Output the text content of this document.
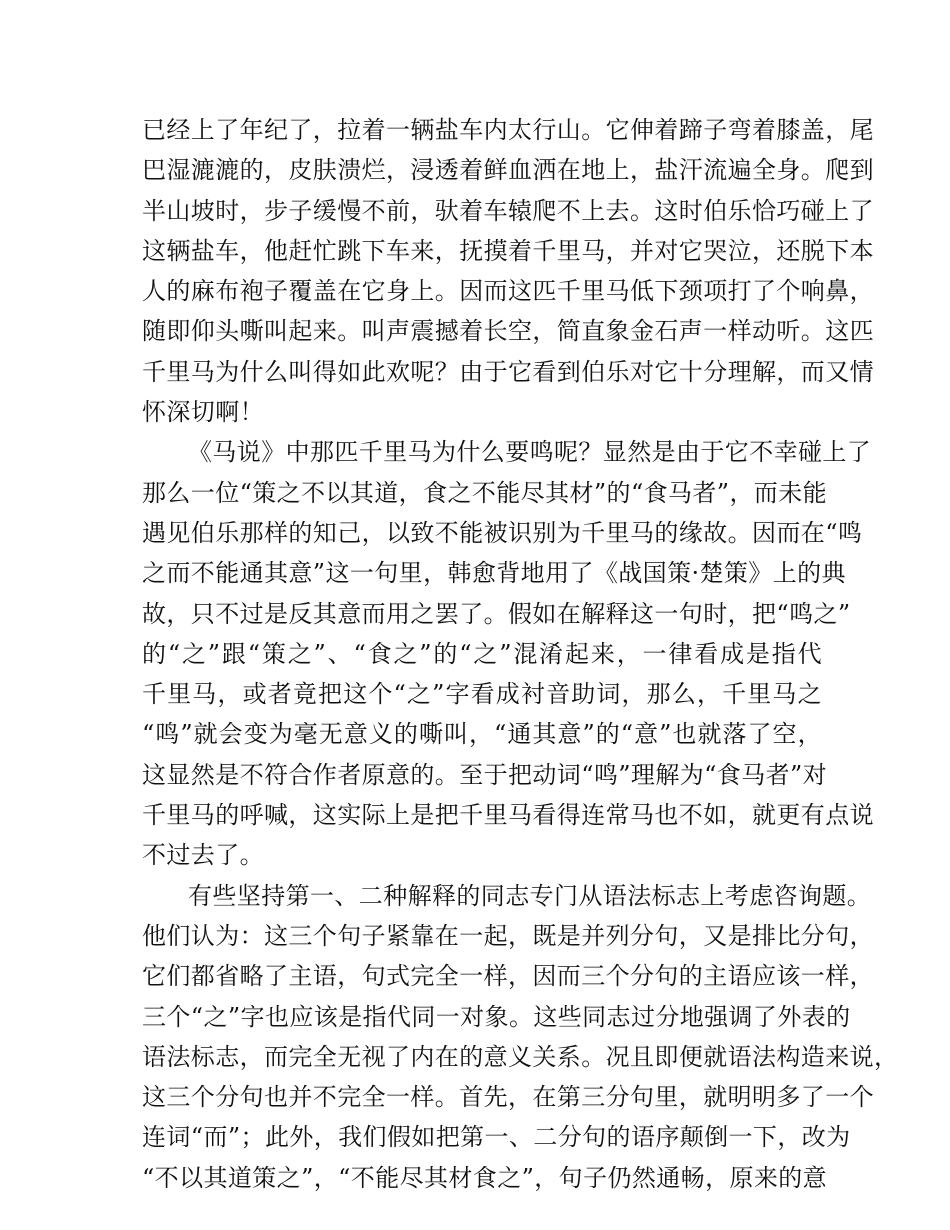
已经上了年纪了，拉着一辆盐车内太行山。它伸着蹄子弯着膝盖，尾
巴湿漉漉的，皮肤溃烂，浸透着鲜血洒在地上，盐汗流遍全身。爬到
半山坡时，步子缓慢不前，驮着车辕爬不上去。这时伯乐恰巧碰上了
这辆盐车，他赶忙跳下车来，抚摸着千里马，并对它哭泣，还脱下本
人的麻布袍子覆盖在它身上。因而这匹千里马低下颈项打了个响鼻，
随即仰头嘶叫起来。叫声震撼着长空，简直象金石声一样动听。这匹
千里马为什么叫得如此欢呢？由于它看到伯乐对它十分理解，而又情
怀深切啊！
《马说》中那匹千里马为什么要鸣呢？显然是由于它不幸碰上了
那么一位“策之不以其道，食之不能尽其材”的“食马者”，而未能
遇见伯乐那样的知己，以致不能被识别为千里马的缘故。因而在“鸣
之而不能通其意”这一句里，韩愈背地用了《战国策·楚策》上的典
故，只不过是反其意而用之罢了。假如在解释这一句时，把“鸣之”
的“之”跟“策之”、“食之”的“之”混淆起来，一律看成是指代
千里马，或者竟把这个“之”字看成衬音助词，那么，千里马之
“鸣”就会变为毫无意义的嘶叫，“通其意”的“意”也就落了空，
这显然是不符合作者原意的。至于把动词“鸣”理解为“食马者”对
千里马的呼喊，这实际上是把千里马看得连常马也不如，就更有点说
不过去了。
有些坚持第一、二种解释的同志专门从语法标志上考虑咨询题。
他们认为：这三个句子紧靠在一起，既是并列分句，又是排比分句，
它们都省略了主语，句式完全一样，因而三个分句的主语应该一样，
三个“之”字也应该是指代同一对象。这些同志过分地强调了外表的
语法标志，而完全无视了内在的意义关系。况且即便就语法构造来说，
这三个分句也并不完全一样。首先，在第三分句里，就明明多了一个
连词“而”；此外，我们假如把第一、二分句的语序颠倒一下，改为
“不以其道策之”，“不能尽其材食之”，句子仍然通畅，原来的意
